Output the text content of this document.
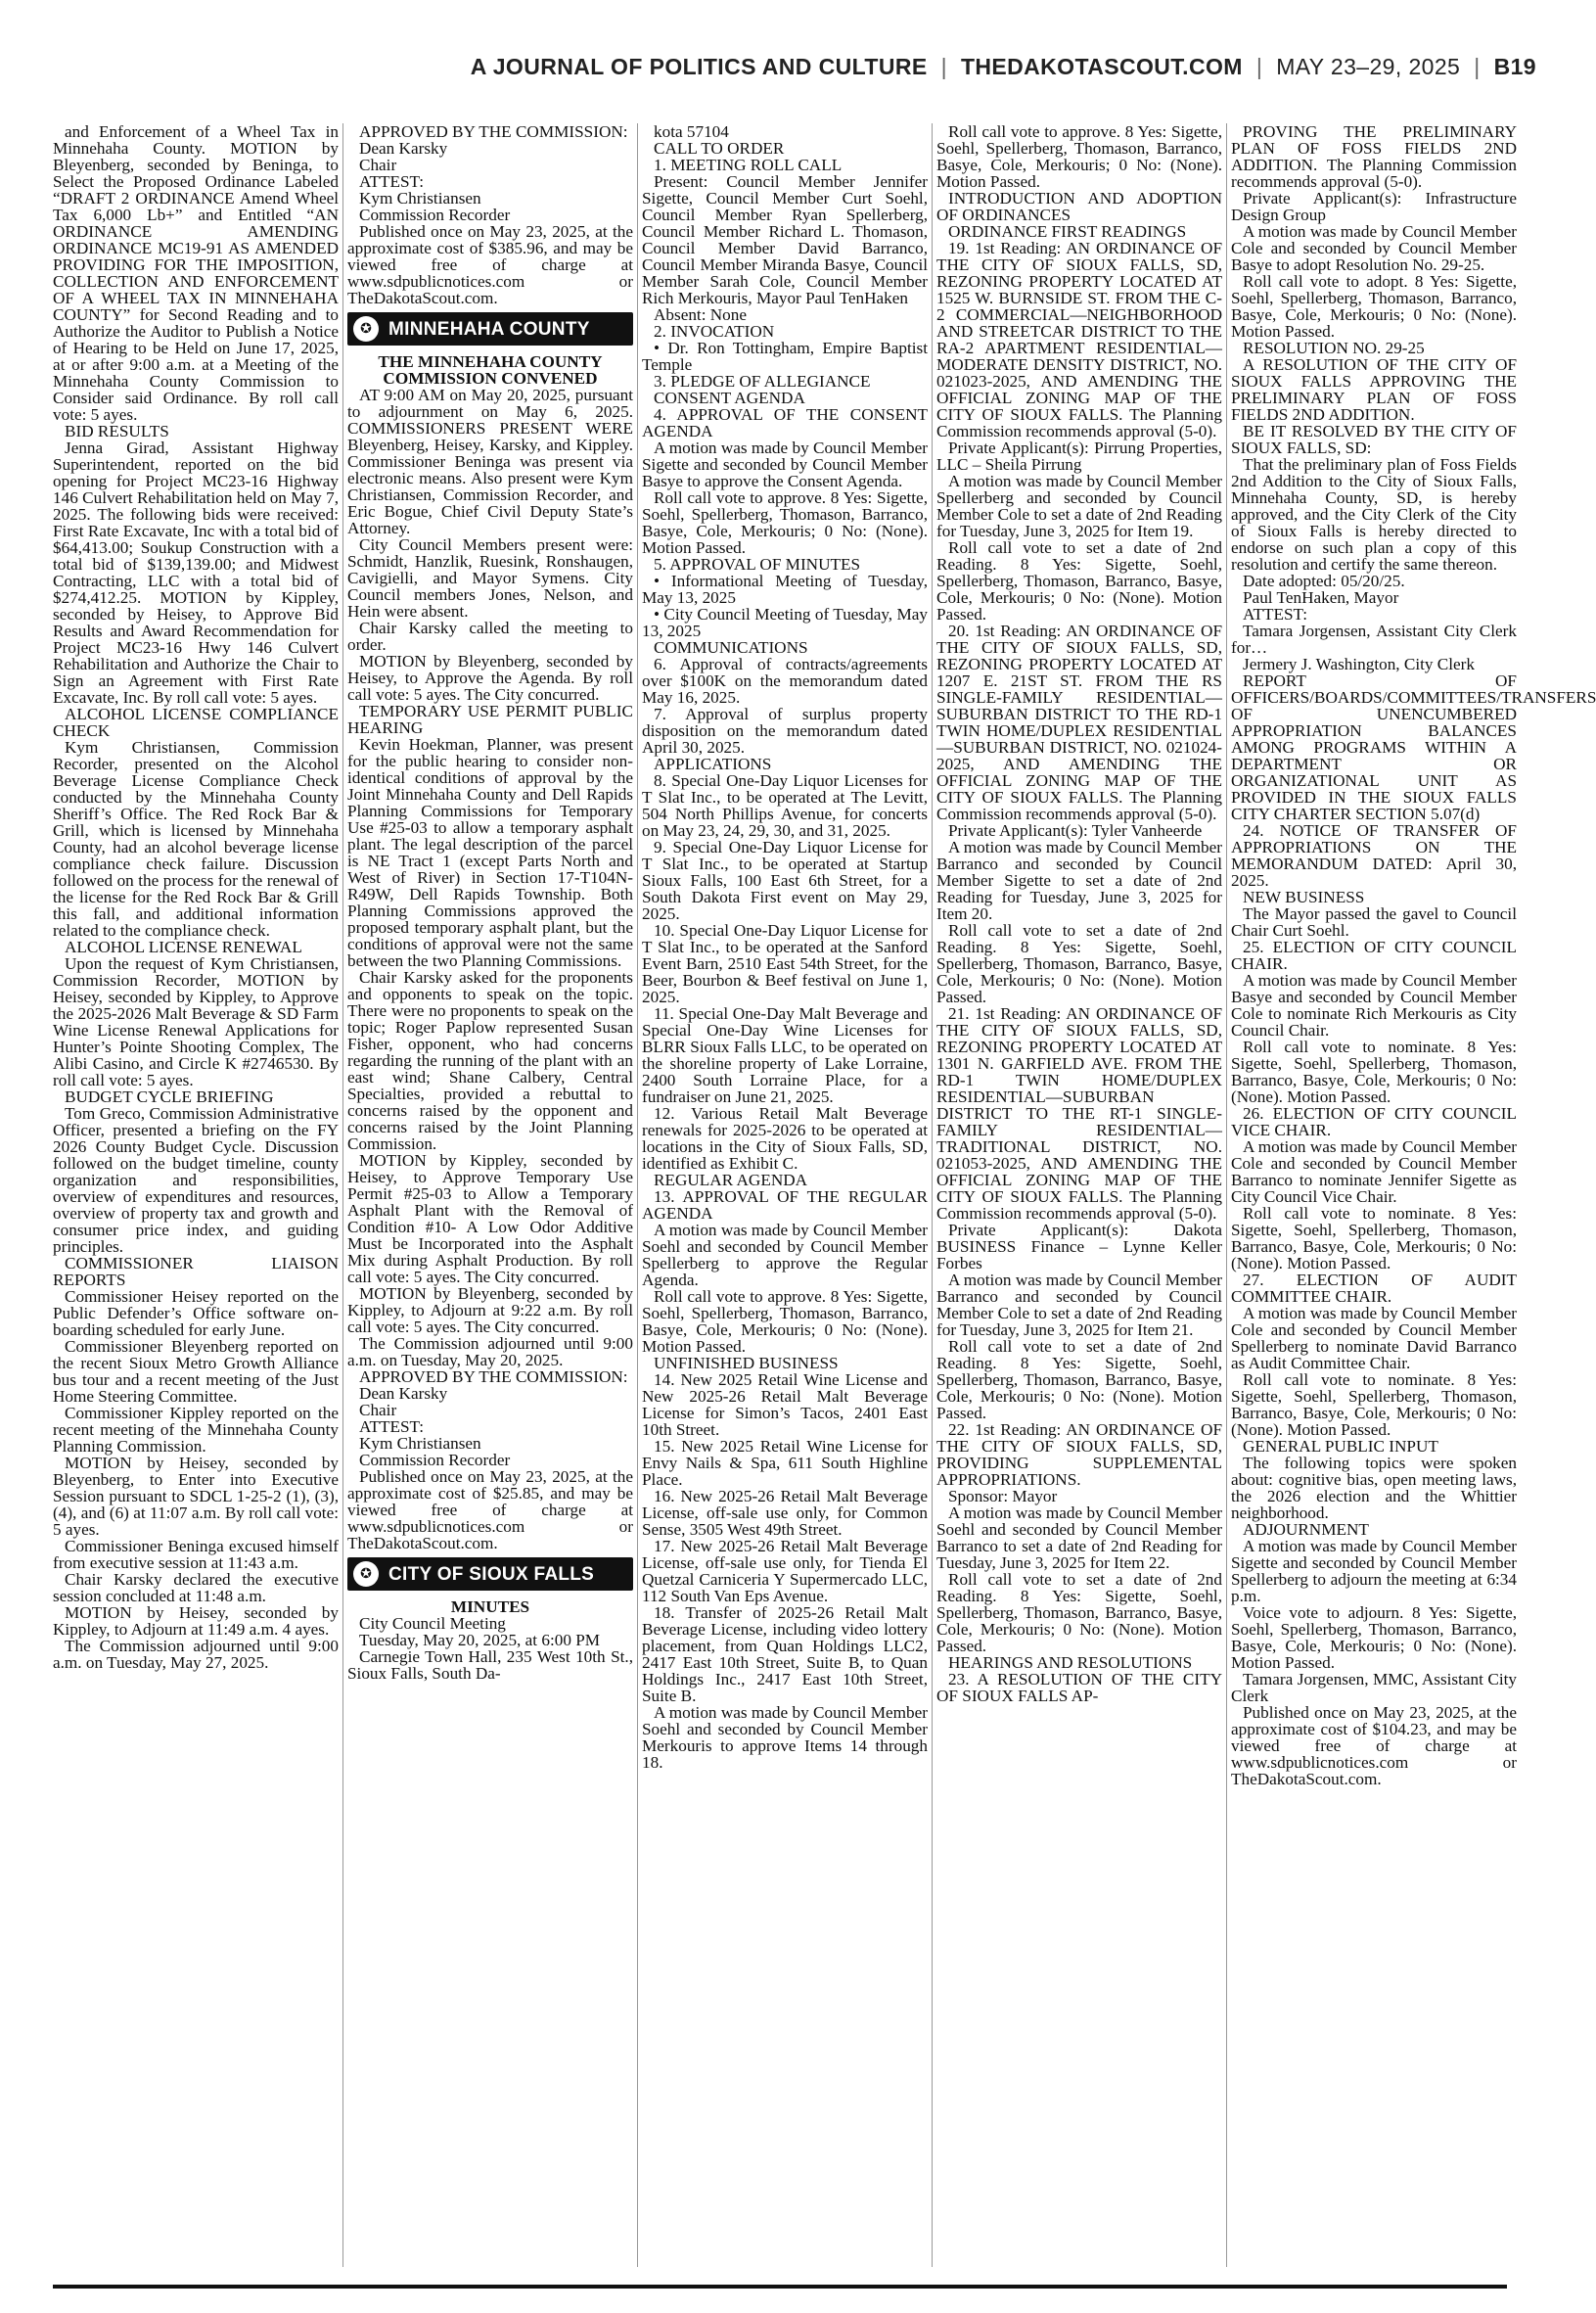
A JOURNAL OF POLITICS AND CULTURE | THEDAKOTASCOUT.COM | MAY 23–29, 2025 | B19

and Enforcement of a Wheel Tax in Minnehaha County. MOTION by Bleyenberg, seconded by Beninga, to Select the Proposed Ordinance Labeled “DRAFT 2 ORDINANCE Amend Wheel Tax 6,000 Lb+” and Entitled “AN ORDINANCE AMENDING ORDINANCE MC19-91 AS AMENDED PROVIDING FOR THE IMPOSITION, COLLECTION AND ENFORCEMENT OF A WHEEL TAX IN MINNEHAHA COUNTY” for Second Reading and to Authorize the Auditor to Publish a Notice of Hearing to be Held on June 17, 2025, at or after 9:00 a.m. at a Meeting of the Minnehaha County Commission to Consider said Ordinance. By roll call vote: 5 ayes.

BID RESULTS

Jenna Girad, Assistant Highway Superintendent, reported on the bid opening for Project MC23-16 Highway 146 Culvert Rehabilitation held on May 7, 2025. The following bids were received: First Rate Excavate, Inc with a total bid of $64,413.00; Soukup Construction with a total bid of $139,139.00; and Midwest Contracting, LLC with a total bid of $274,412.25. MOTION by Kippley, seconded by Heisey, to Approve Bid Results and Award Recommendation for Project MC23-16 Hwy 146 Culvert Rehabilitation and Authorize the Chair to Sign an Agreement with First Rate Excavate, Inc. By roll call vote: 5 ayes.

ALCOHOL LICENSE COMPLIANCE CHECK

Kym Christiansen, Commission Recorder, presented on the Alcohol Beverage License Compliance Check conducted by the Minnehaha County Sheriff’s Office. The Red Rock Bar & Grill, which is licensed by Minnehaha County, had an alcohol beverage license compliance check failure. Discussion followed on the process for the renewal of the license for the Red Rock Bar & Grill this fall, and additional information related to the compliance check.

ALCOHOL LICENSE RENEWAL

Upon the request of Kym Christiansen, Commission Recorder, MOTION by Heisey, seconded by Kippley, to Approve the 2025-2026 Malt Beverage & SD Farm Wine License Renewal Applications for Hunter’s Pointe Shooting Complex, The Alibi Casino, and Circle K #2746530. By roll call vote: 5 ayes.

BUDGET CYCLE BRIEFING

Tom Greco, Commission Administrative Officer, presented a briefing on the FY 2026 County Budget Cycle. Discussion followed on the budget timeline, county organization and responsibilities, overview of expenditures and resources, overview of property tax and growth and consumer price index, and guiding principles.

COMMISSIONER LIAISON REPORTS

Commissioner Heisey reported on the Public Defender’s Office software on-boarding scheduled for early June.

Commissioner Bleyenberg reported on the recent Sioux Metro Growth Alliance bus tour and a recent meeting of the Just Home Steering Committee.

Commissioner Kippley reported on the recent meeting of the Minnehaha County Planning Commission.

MOTION by Heisey, seconded by Bleyenberg, to Enter into Executive Session pursuant to SDCL 1-25-2 (1), (3), (4), and (6) at 11:07 a.m. By roll call vote: 5 ayes.

Commissioner Beninga excused himself from executive session at 11:43 a.m.

Chair Karsky declared the executive session concluded at 11:48 a.m.

MOTION by Heisey, seconded by Kippley, to Adjourn at 11:49 a.m. 4 ayes.

The Commission adjourned until 9:00 a.m. on Tuesday, May 27, 2025.

APPROVED BY THE COMMISSION:

Dean Karsky

Chair

ATTEST:

Kym Christiansen

Commission Recorder

Published once on May 23, 2025, at the approximate cost of $385.96, and may be viewed free of charge at www.sdpublicnotices.com or TheDakotaScout.com.

✪ MINNEHAHA COUNTY

THE MINNEHAHA COUNTY COMMISSION CONVENED

AT 9:00 AM on May 20, 2025, pursuant to adjournment on May 6, 2025. COMMISSIONERS PRESENT WERE Bleyenberg, Heisey, Karsky, and Kippley. Commissioner Beninga was present via electronic means. Also present were Kym Christiansen, Commission Recorder, and Eric Bogue, Chief Civil Deputy State’s Attorney.

City Council Members present were: Schmidt, Hanzlik, Ruesink, Ronshaugen, Cavigielli, and Mayor Symens. City Council members Jones, Nelson, and Hein were absent.

Chair Karsky called the meeting to order.

MOTION by Bleyenberg, seconded by Heisey, to Approve the Agenda. By roll call vote: 5 ayes. The City concurred.

TEMPORARY USE PERMIT PUBLIC HEARING

Kevin Hoekman, Planner, was present for the public hearing to consider non-identical conditions of approval by the Joint Minnehaha County and Dell Rapids Planning Commissions for Temporary Use #25-03 to allow a temporary asphalt plant. The legal description of the parcel is NE Tract 1 (except Parts North and West of River) in Section 17-T104N-R49W, Dell Rapids Township. Both Planning Commissions approved the proposed temporary asphalt plant, but the conditions of approval were not the same between the two Planning Commissions.

Chair Karsky asked for the proponents and opponents to speak on the topic. There were no proponents to speak on the topic; Roger Paplow represented Susan Fisher, opponent, who had concerns regarding the running of the plant with an east wind; Shane Calbery, Central Specialties, provided a rebuttal to concerns raised by the opponent and concerns raised by the Joint Planning Commission.

MOTION by Kippley, seconded by Heisey, to Approve Temporary Use Permit #25-03 to Allow a Temporary Asphalt Plant with the Removal of Condition #10- A Low Odor Additive Must be Incorporated into the Asphalt Mix during Asphalt Production. By roll call vote: 5 ayes. The City concurred.

MOTION by Bleyenberg, seconded by Kippley, to Adjourn at 9:22 a.m. By roll call vote: 5 ayes. The City concurred.

The Commission adjourned until 9:00 a.m. on Tuesday, May 20, 2025.

APPROVED BY THE COMMISSION:

Dean Karsky

Chair

ATTEST:

Kym Christiansen

Commission Recorder

Published once on May 23, 2025, at the approximate cost of $25.85, and may be viewed free of charge at www.sdpublicnotices.com or TheDakotaScout.com.

✪ CITY OF SIOUX FALLS

MINUTES

City Council Meeting

Tuesday, May 20, 2025, at 6:00 PM

Carnegie Town Hall, 235 West 10th St., Sioux Falls, South Da-

kota 57104

CALL TO ORDER

1. MEETING ROLL CALL

Present: Council Member Jennifer Sigette, Council Member Curt Soehl, Council Member Ryan Spellerberg, Council Member Richard L. Thomason, Council Member David Barranco, Council Member Miranda Basye, Council Member Sarah Cole, Council Member Rich Merkouris, Mayor Paul TenHaken

Absent: None

2. INVOCATION

• Dr. Ron Tottingham, Empire Baptist Temple

3. PLEDGE OF ALLEGIANCE

CONSENT AGENDA

4. APPROVAL OF THE CONSENT AGENDA

A motion was made by Council Member Sigette and seconded by Council Member Basye to approve the Consent Agenda.

Roll call vote to approve. 8 Yes: Sigette, Soehl, Spellerberg, Thomason, Barranco, Basye, Cole, Merkouris; 0 No: (None). Motion Passed.

5. APPROVAL OF MINUTES

• Informational Meeting of Tuesday, May 13, 2025

• City Council Meeting of Tuesday, May 13, 2025

COMMUNICATIONS

6. Approval of contracts/agreements over $100K on the memorandum dated May 16, 2025.

7. Approval of surplus property disposition on the memorandum dated April 30, 2025.

APPLICATIONS

8. Special One-Day Liquor Licenses for T Slat Inc., to be operated at The Levitt, 504 North Phillips Avenue, for concerts on May 23, 24, 29, 30, and 31, 2025.

9. Special One-Day Liquor License for T Slat Inc., to be operated at Startup Sioux Falls, 100 East 6th Street, for a South Dakota First event on May 29, 2025.

10. Special One-Day Liquor License for T Slat Inc., to be operated at the Sanford Event Barn, 2510 East 54th Street, for the Beer, Bourbon & Beef festival on June 1, 2025.

11. Special One-Day Malt Beverage and Special One-Day Wine Licenses for BLRR Sioux Falls LLC, to be operated on the shoreline property of Lake Lorraine, 2400 South Lorraine Place, for a fundraiser on June 21, 2025.

12. Various Retail Malt Beverage renewals for 2025-2026 to be operated at locations in the City of Sioux Falls, SD, identified as Exhibit C.

REGULAR AGENDA

13. APPROVAL OF THE REGULAR AGENDA

A motion was made by Council Member Soehl and seconded by Council Member Spellerberg to approve the Regular Agenda.

Roll call vote to approve. 8 Yes: Sigette, Soehl, Spellerberg, Thomason, Barranco, Basye, Cole, Merkouris; 0 No: (None). Motion Passed.

UNFINISHED BUSINESS

14. New 2025 Retail Wine License and New 2025-26 Retail Malt Beverage License for Simon’s Tacos, 2401 East 10th Street.

15. New 2025 Retail Wine License for Envy Nails & Spa, 611 South Highline Place.

16. New 2025-26 Retail Malt Beverage License, off-sale use only, for Common Sense, 3505 West 49th Street.

17. New 2025-26 Retail Malt Beverage License, off-sale use only, for Tienda El Quetzal Carniceria Y Supermercado LLC, 112 South Van Eps Avenue.

18. Transfer of 2025-26 Retail Malt Beverage License, including video lottery placement, from Quan Holdings LLC2, 2417 East 10th Street, Suite B, to Quan Holdings Inc., 2417 East 10th Street, Suite B.

A motion was made by Council Member Soehl and seconded by Council Member Merkouris to approve Items 14 through 18.

Roll call vote to approve. 8 Yes: Sigette, Soehl, Spellerberg, Thomason, Barranco, Basye, Cole, Merkouris; 0 No: (None). Motion Passed.

INTRODUCTION AND ADOPTION OF ORDINANCES

ORDINANCE FIRST READINGS

19. 1st Reading: AN ORDINANCE OF THE CITY OF SIOUX FALLS, SD, REZONING PROPERTY LOCATED AT 1525 W. BURNSIDE ST. FROM THE C-2 COMMERCIAL—NEIGHBORHOOD AND STREETCAR DISTRICT TO THE RA-2 APARTMENT RESIDENTIAL—MODERATE DENSITY DISTRICT, NO. 021023-2025, AND AMENDING THE OFFICIAL ZONING MAP OF THE CITY OF SIOUX FALLS. The Planning Commission recommends approval (5-0).

Private Applicant(s): Pirrung Properties, LLC – Sheila Pirrung

A motion was made by Council Member Spellerberg and seconded by Council Member Cole to set a date of 2nd Reading for Tuesday, June 3, 2025 for Item 19.

Roll call vote to set a date of 2nd Reading. 8 Yes: Sigette, Soehl, Spellerberg, Thomason, Barranco, Basye, Cole, Merkouris; 0 No: (None). Motion Passed.

20. 1st Reading: AN ORDINANCE OF THE CITY OF SIOUX FALLS, SD, REZONING PROPERTY LOCATED AT 1207 E. 21ST ST. FROM THE RS SINGLE-FAMILY RESIDENTIAL—SUBURBAN DISTRICT TO THE RD-1 TWIN HOME/DUPLEX RESIDENTIAL—SUBURBAN DISTRICT, NO. 021024-2025, AND AMENDING THE OFFICIAL ZONING MAP OF THE CITY OF SIOUX FALLS. The Planning Commission recommends approval (5-0).

Private Applicant(s): Tyler Vanheerde

A motion was made by Council Member Barranco and seconded by Council Member Sigette to set a date of 2nd Reading for Tuesday, June 3, 2025 for Item 20.

Roll call vote to set a date of 2nd Reading. 8 Yes: Sigette, Soehl, Spellerberg, Thomason, Barranco, Basye, Cole, Merkouris; 0 No: (None). Motion Passed.

21. 1st Reading: AN ORDINANCE OF THE CITY OF SIOUX FALLS, SD, REZONING PROPERTY LOCATED AT 1301 N. GARFIELD AVE. FROM THE RD-1 TWIN HOME/DUPLEX RESIDENTIAL—SUBURBAN DISTRICT TO THE RT-1 SINGLE-FAMILY RESIDENTIAL—TRADITIONAL DISTRICT, NO. 021053-2025, AND AMENDING THE OFFICIAL ZONING MAP OF THE CITY OF SIOUX FALLS. The Planning Commission recommends approval (5-0).

Private Applicant(s): Dakota BUSINESS Finance – Lynne Keller Forbes

A motion was made by Council Member Barranco and seconded by Council Member Cole to set a date of 2nd Reading for Tuesday, June 3, 2025 for Item 21.

Roll call vote to set a date of 2nd Reading. 8 Yes: Sigette, Soehl, Spellerberg, Thomason, Barranco, Basye, Cole, Merkouris; 0 No: (None). Motion Passed.

22. 1st Reading: AN ORDINANCE OF THE CITY OF SIOUX FALLS, SD, PROVIDING SUPPLEMENTAL APPROPRIATIONS.

Sponsor: Mayor

A motion was made by Council Member Soehl and seconded by Council Member Barranco to set a date of 2nd Reading for Tuesday, June 3, 2025 for Item 22.

Roll call vote to set a date of 2nd Reading. 8 Yes: Sigette, Soehl, Spellerberg, Thomason, Barranco, Basye, Cole, Merkouris; 0 No: (None). Motion Passed.

HEARINGS AND RESOLUTIONS

23. A RESOLUTION OF THE CITY OF SIOUX FALLS AP-

PROVING THE PRELIMINARY PLAN OF FOSS FIELDS 2ND ADDITION. The Planning Commission recommends approval (5-0).

Private Applicant(s): Infrastructure Design Group

A motion was made by Council Member Cole and seconded by Council Member Basye to adopt Resolution No. 29-25.

Roll call vote to adopt. 8 Yes: Sigette, Soehl, Spellerberg, Thomason, Barranco, Basye, Cole, Merkouris; 0 No: (None). Motion Passed.

RESOLUTION NO. 29-25

A RESOLUTION OF THE CITY OF SIOUX FALLS APPROVING THE PRELIMINARY PLAN OF FOSS FIELDS 2ND ADDITION.

BE IT RESOLVED BY THE CITY OF SIOUX FALLS, SD:

That the preliminary plan of Foss Fields 2nd Addition to the City of Sioux Falls, Minnehaha County, SD, is hereby approved, and the City Clerk of the City of Sioux Falls is hereby directed to endorse on such plan a copy of this resolution and certify the same thereon.

Date adopted: 05/20/25.

Paul TenHaken, Mayor

ATTEST:

Tamara Jorgensen, Assistant City Clerk for…

Jermery J. Washington, City Clerk

REPORT OF OFFICERS/BOARDS/COMMITTEES/TRANSFERS OF UNENCUMBERED APPROPRIATION BALANCES AMONG PROGRAMS WITHIN A DEPARTMENT OR ORGANIZATIONAL UNIT AS PROVIDED IN THE SIOUX FALLS CITY CHARTER SECTION 5.07(d)

24. NOTICE OF TRANSFER OF APPROPRIATIONS ON THE MEMORANDUM DATED: April 30, 2025.

NEW BUSINESS

The Mayor passed the gavel to Council Chair Curt Soehl.

25. ELECTION OF CITY COUNCIL CHAIR.

A motion was made by Council Member Basye and seconded by Council Member Cole to nominate Rich Merkouris as City Council Chair.

Roll call vote to nominate. 8 Yes: Sigette, Soehl, Spellerberg, Thomason, Barranco, Basye, Cole, Merkouris; 0 No: (None). Motion Passed.

26. ELECTION OF CITY COUNCIL VICE CHAIR.

A motion was made by Council Member Cole and seconded by Council Member Barranco to nominate Jennifer Sigette as City Council Vice Chair.

Roll call vote to nominate. 8 Yes: Sigette, Soehl, Spellerberg, Thomason, Barranco, Basye, Cole, Merkouris; 0 No: (None). Motion Passed.

27. ELECTION OF AUDIT COMMITTEE CHAIR.

A motion was made by Council Member Cole and seconded by Council Member Spellerberg to nominate David Barranco as Audit Committee Chair.

Roll call vote to nominate. 8 Yes: Sigette, Soehl, Spellerberg, Thomason, Barranco, Basye, Cole, Merkouris; 0 No: (None). Motion Passed.

GENERAL PUBLIC INPUT

The following topics were spoken about: cognitive bias, open meeting laws, the 2026 election and the Whittier neighborhood.

ADJOURNMENT

A motion was made by Council Member Sigette and seconded by Council Member Spellerberg to adjourn the meeting at 6:34 p.m.

Voice vote to adjourn. 8 Yes: Sigette, Soehl, Spellerberg, Thomason, Barranco, Basye, Cole, Merkouris; 0 No: (None). Motion Passed.

Tamara Jorgensen, MMC, Assistant City Clerk

Published once on May 23, 2025, at the approximate cost of $104.23, and may be viewed free of charge at www.sdpublicnotices.com or TheDakotaScout.com.
